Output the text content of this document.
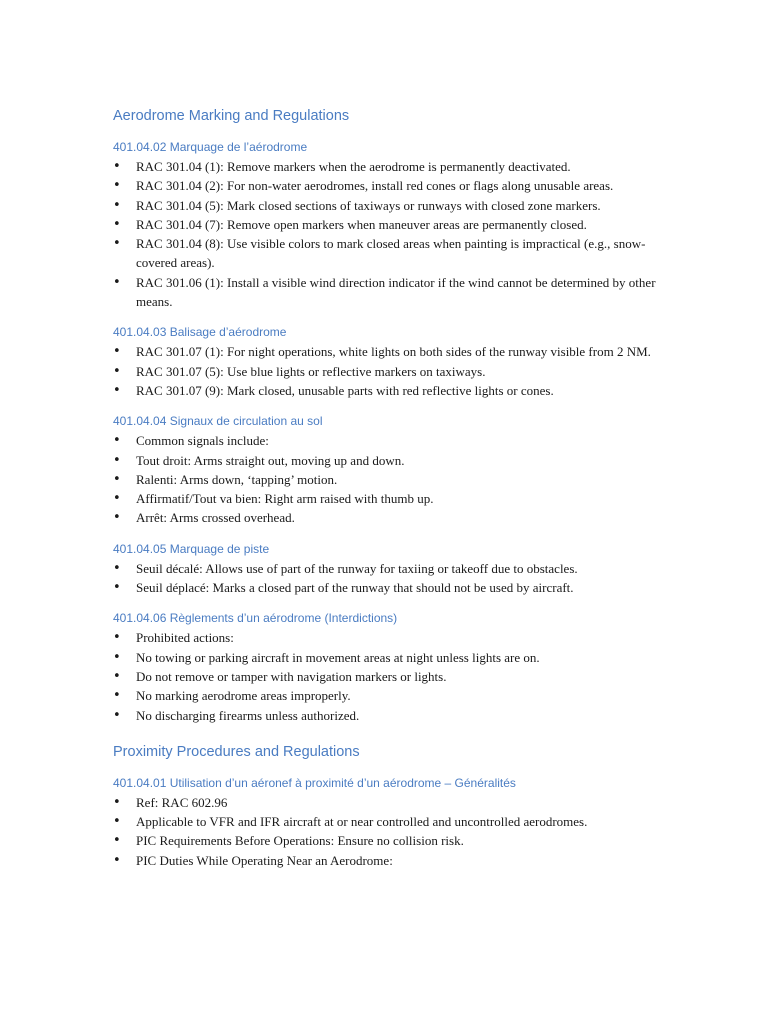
Aerodrome Marking and Regulations
401.04.02 Marquage de l’aérodrome
• RAC 301.04 (1): Remove markers when the aerodrome is permanently deactivated.
• RAC 301.04 (2): For non-water aerodromes, install red cones or flags along unusable areas.
• RAC 301.04 (5): Mark closed sections of taxiways or runways with closed zone markers.
• RAC 301.04 (7): Remove open markers when maneuver areas are permanently closed.
• RAC 301.04 (8): Use visible colors to mark closed areas when painting is impractical (e.g., snow-covered areas).
• RAC 301.06 (1): Install a visible wind direction indicator if the wind cannot be determined by other means.
401.04.03 Balisage d’aérodrome
• RAC 301.07 (1): For night operations, white lights on both sides of the runway visible from 2 NM.
• RAC 301.07 (5): Use blue lights or reflective markers on taxiways.
• RAC 301.07 (9): Mark closed, unusable parts with red reflective lights or cones.
401.04.04 Signaux de circulation au sol
• Common signals include:
• Tout droit: Arms straight out, moving up and down.
• Ralenti: Arms down, ‘tapping’ motion.
• Affirmatif/Tout va bien: Right arm raised with thumb up.
• Arrêt: Arms crossed overhead.
401.04.05 Marquage de piste
• Seuil décalé: Allows use of part of the runway for taxiing or takeoff due to obstacles.
• Seuil déplacé: Marks a closed part of the runway that should not be used by aircraft.
401.04.06 Règlements d’un aérodrome (Interdictions)
• Prohibited actions:
• No towing or parking aircraft in movement areas at night unless lights are on.
• Do not remove or tamper with navigation markers or lights.
• No marking aerodrome areas improperly.
• No discharging firearms unless authorized.
Proximity Procedures and Regulations
401.04.01 Utilisation d’un aéronef à proximité d’un aérodrome – Généralités
• Ref: RAC 602.96
• Applicable to VFR and IFR aircraft at or near controlled and uncontrolled aerodromes.
• PIC Requirements Before Operations: Ensure no collision risk.
• PIC Duties While Operating Near an Aerodrome:
